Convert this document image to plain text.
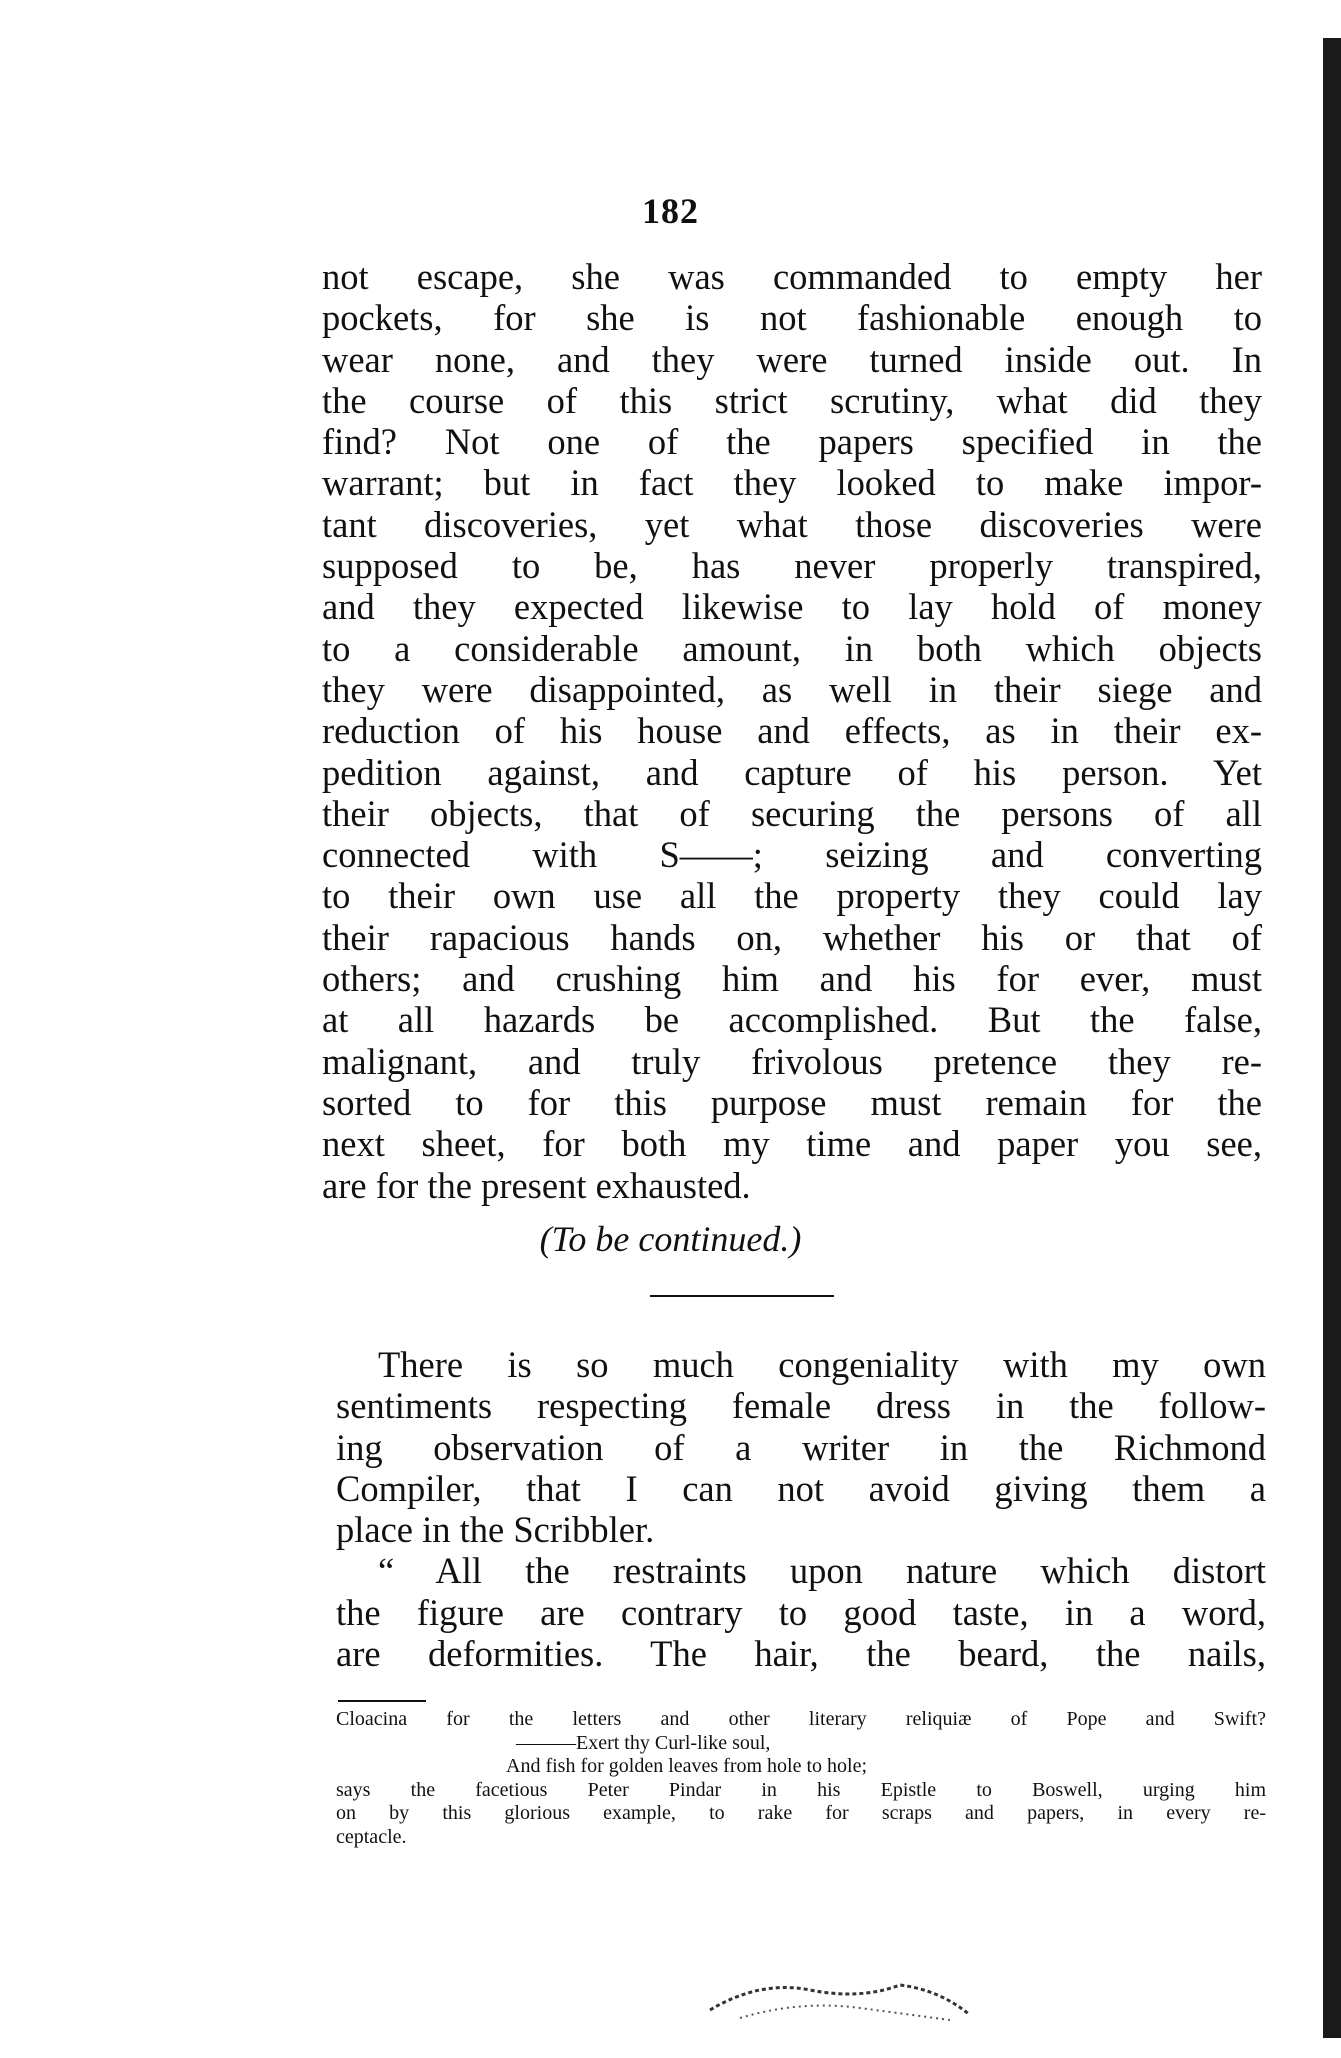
182
not escape, she was commanded to empty her
pockets, for she is not fashionable enough to
wear none, and they were turned inside out. In
the course of this strict scrutiny, what did they
find? Not one of the papers specified in the
warrant; but in fact they looked to make impor-
tant discoveries, yet what those discoveries were
supposed to be, has never properly transpired,
and they expected likewise to lay hold of money
to a considerable amount, in both which objects
they were disappointed, as well in their siege and
reduction of his house and effects, as in their ex-
pedition against, and capture of his person. Yet
their objects, that of securing the persons of all
connected with S——; seizing and converting
to their own use all the property they could lay
their rapacious hands on, whether his or that of
others; and crushing him and his for ever, must
at all hazards be accomplished. But the false,
malignant, and truly frivolous pretence they re-
sorted to for this purpose must remain for the
next sheet, for both my time and paper you see,
are for the present exhausted.
(To be continued.)
There is so much congeniality with my own
sentiments respecting female dress in the follow-
ing observation of a writer in the Richmond
Compiler, that I can not avoid giving them a
place in the Scribbler.
“ All the restraints upon nature which distort
the figure are contrary to good taste, in a word,
are deformities. The hair, the beard, the nails,
Cloacina for the letters and other literary reliquiæ of Pope and Swift?
———Exert thy Curl-like soul,
And fish for golden leaves from hole to hole;
says the facetious Peter Pindar in his Epistle to Boswell, urging him
on by this glorious example, to rake for scraps and papers, in every re-
ceptacle.
